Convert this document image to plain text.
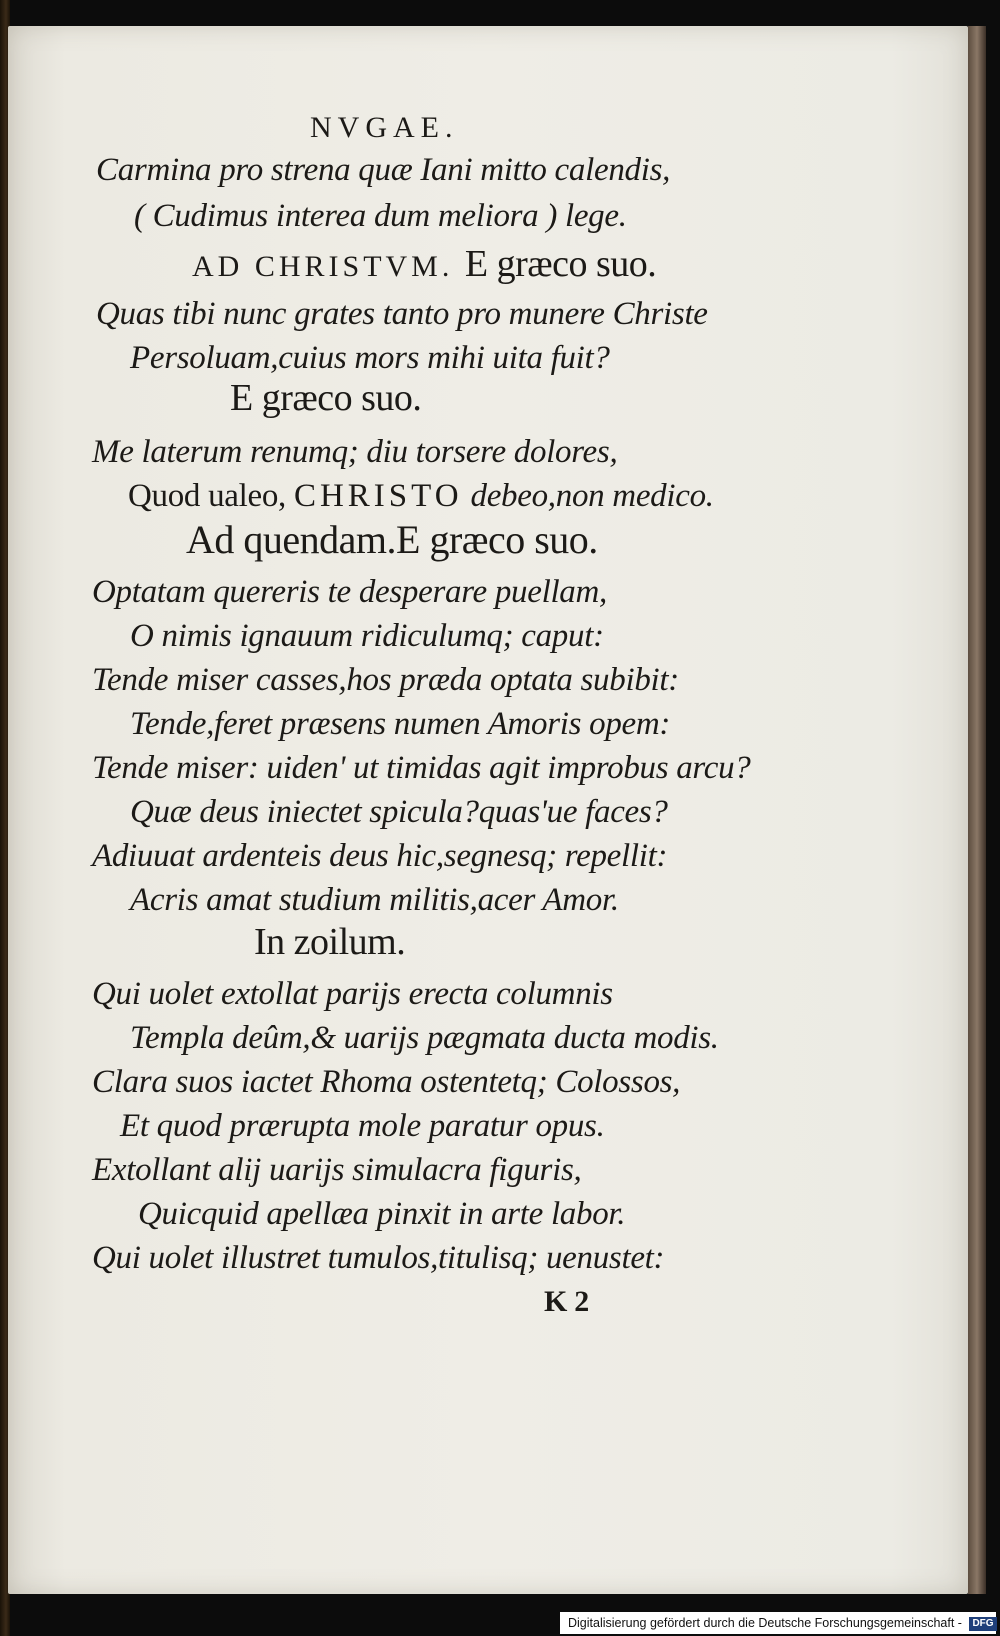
NVGAE.
Carmina pro strena quæ Iani mitto calendis,
( Cudimus interea dum meliora ) lege.
AD CHRISTVM. E græco suo.
Quas tibi nunc grates tanto pro munere Christe
Persoluam,cuius mors mihi uita fuit?
E græco suo.
Me laterum renumq; diu torsere dolores,
Quod ualeo, CHRISTO debeo,non medico.
Ad quendam.E græco suo.
Optatam quereris te desperare puellam,
O nimis ignauum ridiculumq; caput:
Tende miser casses,hos præda optata subibit:
Tende,feret præsens numen Amoris opem:
Tende miser: uiden' ut timidas agit improbus arcu?
Quæ deus iniectet spicula?quas'ue faces?
Adiuuat ardenteis deus hic,segnesq; repellit:
Acris amat studium militis,acer Amor.
In zoilum.
Qui uolet extollat parijs erecta columnis
Templa deûm,& uarijs pægmata ducta modis.
Clara suos iactet Rhoma ostentetq; Colossos,
Et quod prærupta mole paratur opus.
Extollant alij uarijs simulacra figuris,
Quicquid apellæa pinxit in arte labor.
Qui uolet illustret tumulos,titulisq; uenustet:
K 2
Digitalisierung gefördert durch die Deutsche Forschungsgemeinschaft - DFG
